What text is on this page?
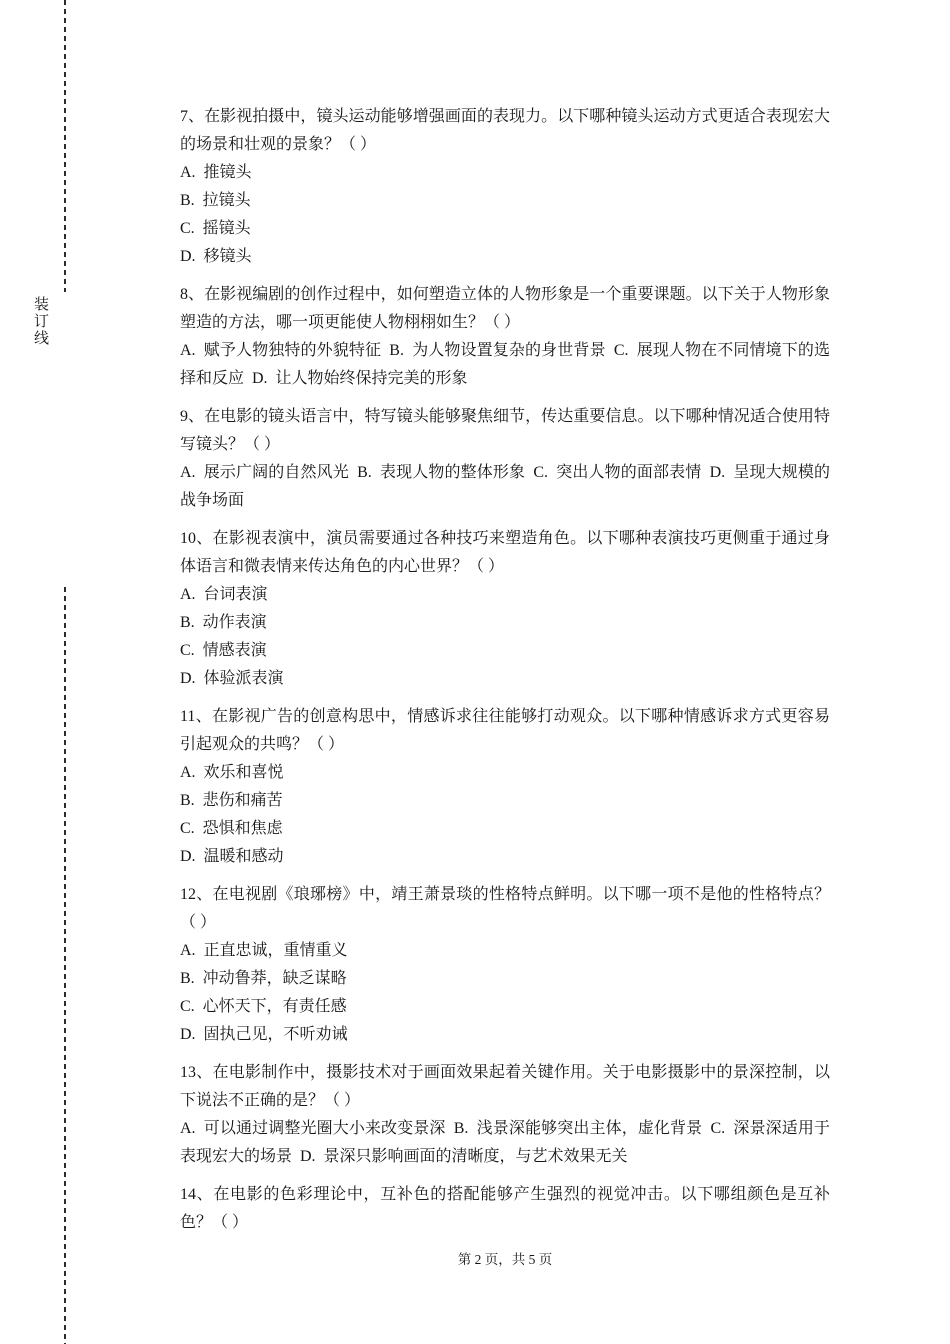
装订线

7、在影视拍摄中，镜头运动能够增强画面的表现力。以下哪种镜头运动方式更适合表现宏大的场景和壮观的景象？（ ）

A.  推镜头

B.  拉镜头

C.  摇镜头

D.  移镜头

8、在影视编剧的创作过程中，如何塑造立体的人物形象是一个重要课题。以下关于人物形象塑造的方法，哪一项更能使人物栩栩如生？（ ）

A.  赋予人物独特的外貌特征  B.  为人物设置复杂的身世背景  C.  展现人物在不同情境下的选择和反应  D.  让人物始终保持完美的形象

9、在电影的镜头语言中，特写镜头能够聚焦细节，传达重要信息。以下哪种情况适合使用特写镜头？（ ）

A.  展示广阔的自然风光  B.  表现人物的整体形象  C.  突出人物的面部表情  D.  呈现大规模的战争场面

10、在影视表演中，演员需要通过各种技巧来塑造角色。以下哪种表演技巧更侧重于通过身体语言和微表情来传达角色的内心世界？（ ）

A.  台词表演

B.  动作表演

C.  情感表演

D.  体验派表演

11、在影视广告的创意构思中，情感诉求往往能够打动观众。以下哪种情感诉求方式更容易引起观众的共鸣？（ ）

A.  欢乐和喜悦

B.  悲伤和痛苦

C.  恐惧和焦虑

D.  温暖和感动

12、在电视剧《琅琊榜》中，靖王萧景琰的性格特点鲜明。以下哪一项不是他的性格特点？（ ）

A.  正直忠诚，重情重义

B.  冲动鲁莽，缺乏谋略

C.  心怀天下，有责任感

D.  固执己见，不听劝诫

13、在电影制作中，摄影技术对于画面效果起着关键作用。关于电影摄影中的景深控制，以下说法不正确的是？（ ）

A.  可以通过调整光圈大小来改变景深  B.  浅景深能够突出主体，虚化背景  C.  深景深适用于表现宏大的场景  D.  景深只影响画面的清晰度，与艺术效果无关

14、在电影的色彩理论中，互补色的搭配能够产生强烈的视觉冲击。以下哪组颜色是互补色？（ ）

第 2 页，共 5 页
